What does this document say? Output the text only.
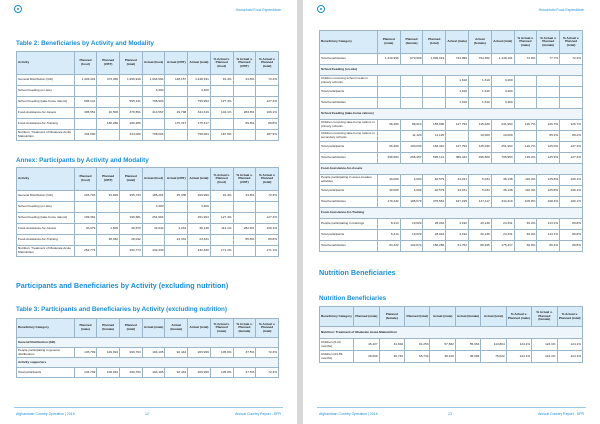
Household Food Expenditure
Table 2: Beneficiaries by Activity and Modality
Activity	Planned (food)	Planned (CBT)	Planned (total)	Actual (food)	Actual (CBT)	Actual (total)	% Actual v. Planned (food)	% Actual v. Planned (CBT)	% Actual v. Planned (total)
General Distribution (GD)	1,426,401	373,466	1,999,919	1,094,594	148,157	1,448,191	91.4%	24.8%	72.3%
School Feeding (on-site)				3,400		3,400			
School Feeding (take-home rations)	595,141		595,141	795,993		795,993	127.4%		127.4%
Food-Assistance-for-Assets	395,551	10,500	376,551	414,567	29,798	344,319	104.1%	283.8%	106.1%
Food-Assistance-for-Training		180,286	180,286		175,317	175,317		89.8%	89.8%
Nutrition: Treatment of Moderate Acute Malnutrition	434,000		434,000	796,004		796,004	187.9%		187.9%
Annex: Participants by Activity and Modality
Activity	Planned (food)	Planned (CBT)	Planned (total)	Actual (food)	Actual (CBT)	Actual (total)	% Actual v. Planned (food)	% Actual v. Planned (CBT)	% Actual v. Planned (total)
General Distribution (GD)	203,793	91,829	295,733	186,261	25,338	209,999	91.4%	24.8%	72.3%
School Feeding (on-site)				3,400		3,400			
School Feeding (take-home rations)	199,381		199,381	251,994		251,994	127.4%		127.4%
Food-Assistance-for-Assets	40,079	1,500	40,579	44,944	4,244	46,138	112.1%	282.9%	106.1%
Food-Assistance-for-Training		28,042	28,042		24,331	24,331		86.8%	86.8%
Nutrition: Treatment of Moderate Acute Malnutrition	252,774		252,774	432,330		432,330	171.1%		171.1%
Participants and Beneficiaries by Activity (excluding nutrition)
Table 3: Participants and Beneficiaries by Activity (excluding nutrition)
Beneficiary Category	Planned (male)	Planned (female)	Planned (total)	Actual (male)	Actual (female)	Actual (total)	% Actual v. Planned (male)	% Actual v. Planned (female)	% Actual v. Planned (total)
General Distribution (GD)									
People participating in general distributions	145,799	109,994	299,793	194,105	92,444	209,999	105.6%	37.5%	72.3%
Activity supporters									
Total participants	145,799	109,994	299,793	194,105	92,444	209,999	105.6%	37.5%	72.3%
Afghanistan Country Operation | 2016	12	Annual Country Report - SPR
Household Food Expenditure
Beneficiary Category	Planned (male)	Planned (female)	Planned (total)	Actual (male)	Actual (female)	Actual (total)	% Actual v. Planned (male)	% Actual v. Planned (female)	% Actual v. Planned (total)
Total beneficiaries	1,319,999	679,999	1,999,919	743,999	794,352	1,448,191	74.9%	77.7%	72.3%
School Feeding (on-site)									
Children receiving school meals in primary schools				1,610	1,610	3,400			
Total participants				1,610	1,610	3,400			
Total beneficiaries				1,610	1,610	3,400			
School Feeding (take-home rations)									
Children receiving take-home rations in primary schools	66,280	88,910	155,990	127,793	115,030	241,994	126.7%	126.7%	126.7%
Children receiving take-home rations in secondary schools		11,120	11,120		10,000	10,000		89.2%	89.2%
Total participants	66,280	100,030	166,310	127,793	125,030	251,994	126.7%	125.0%	127.4%
Total beneficiaries	298,684	296,457	595,141	389,444	396,500	795,993	126.4%	125.9%	127.4%
Food-Assistance-for-Assets									
People participating in asset-creation activities	40,000	4,000	40,579	44,151	5,034	46,138	110.4%	125.8%	106.1%
Total participants	40,000	4,000	40,579	44,151	5,034	46,138	110.4%	125.8%	106.1%
Total beneficiaries	179,432	195,679	376,551	197,195	147,117	344,319	109.9%	108.4%	106.1%
Food-Assistance-for-Training									
People participating in trainings	8,413	19,629	28,042	4,192	20,139	24,331	49.4%	113.1%	86.8%
Total participants	8,413	19,629	28,042	4,192	20,139	24,331	49.4%	113.1%	86.8%
Total beneficiaries	84,422	102,874	180,286	61,762	88,945	175,317	69.9%	86.4%	89.8%
Nutrition Beneficiaries
Nutrition Beneficiaries
Beneficiary Category	Planned (male)	Planned (female)	Planned (total)	Actual (male)	Actual (female)	Actual (total)	% Actual v. Planned (male)	% Actual v. Planned (female)	% Actual v. Planned (total)
Nutrition: Treatment of Moderate Acute Malnutrition									
Children (6-23 months)	46,437	44,816	91,253	57,832	55,963	113,804	124.1%	124.1%	124.1%
Children (24-59 months)	36,000	29,734	65,734	38,416	36,606	75,022	124.1%	124.1%	124.1%
Afghanistan Country Operation | 2016	13	Annual Country Report - SPR
